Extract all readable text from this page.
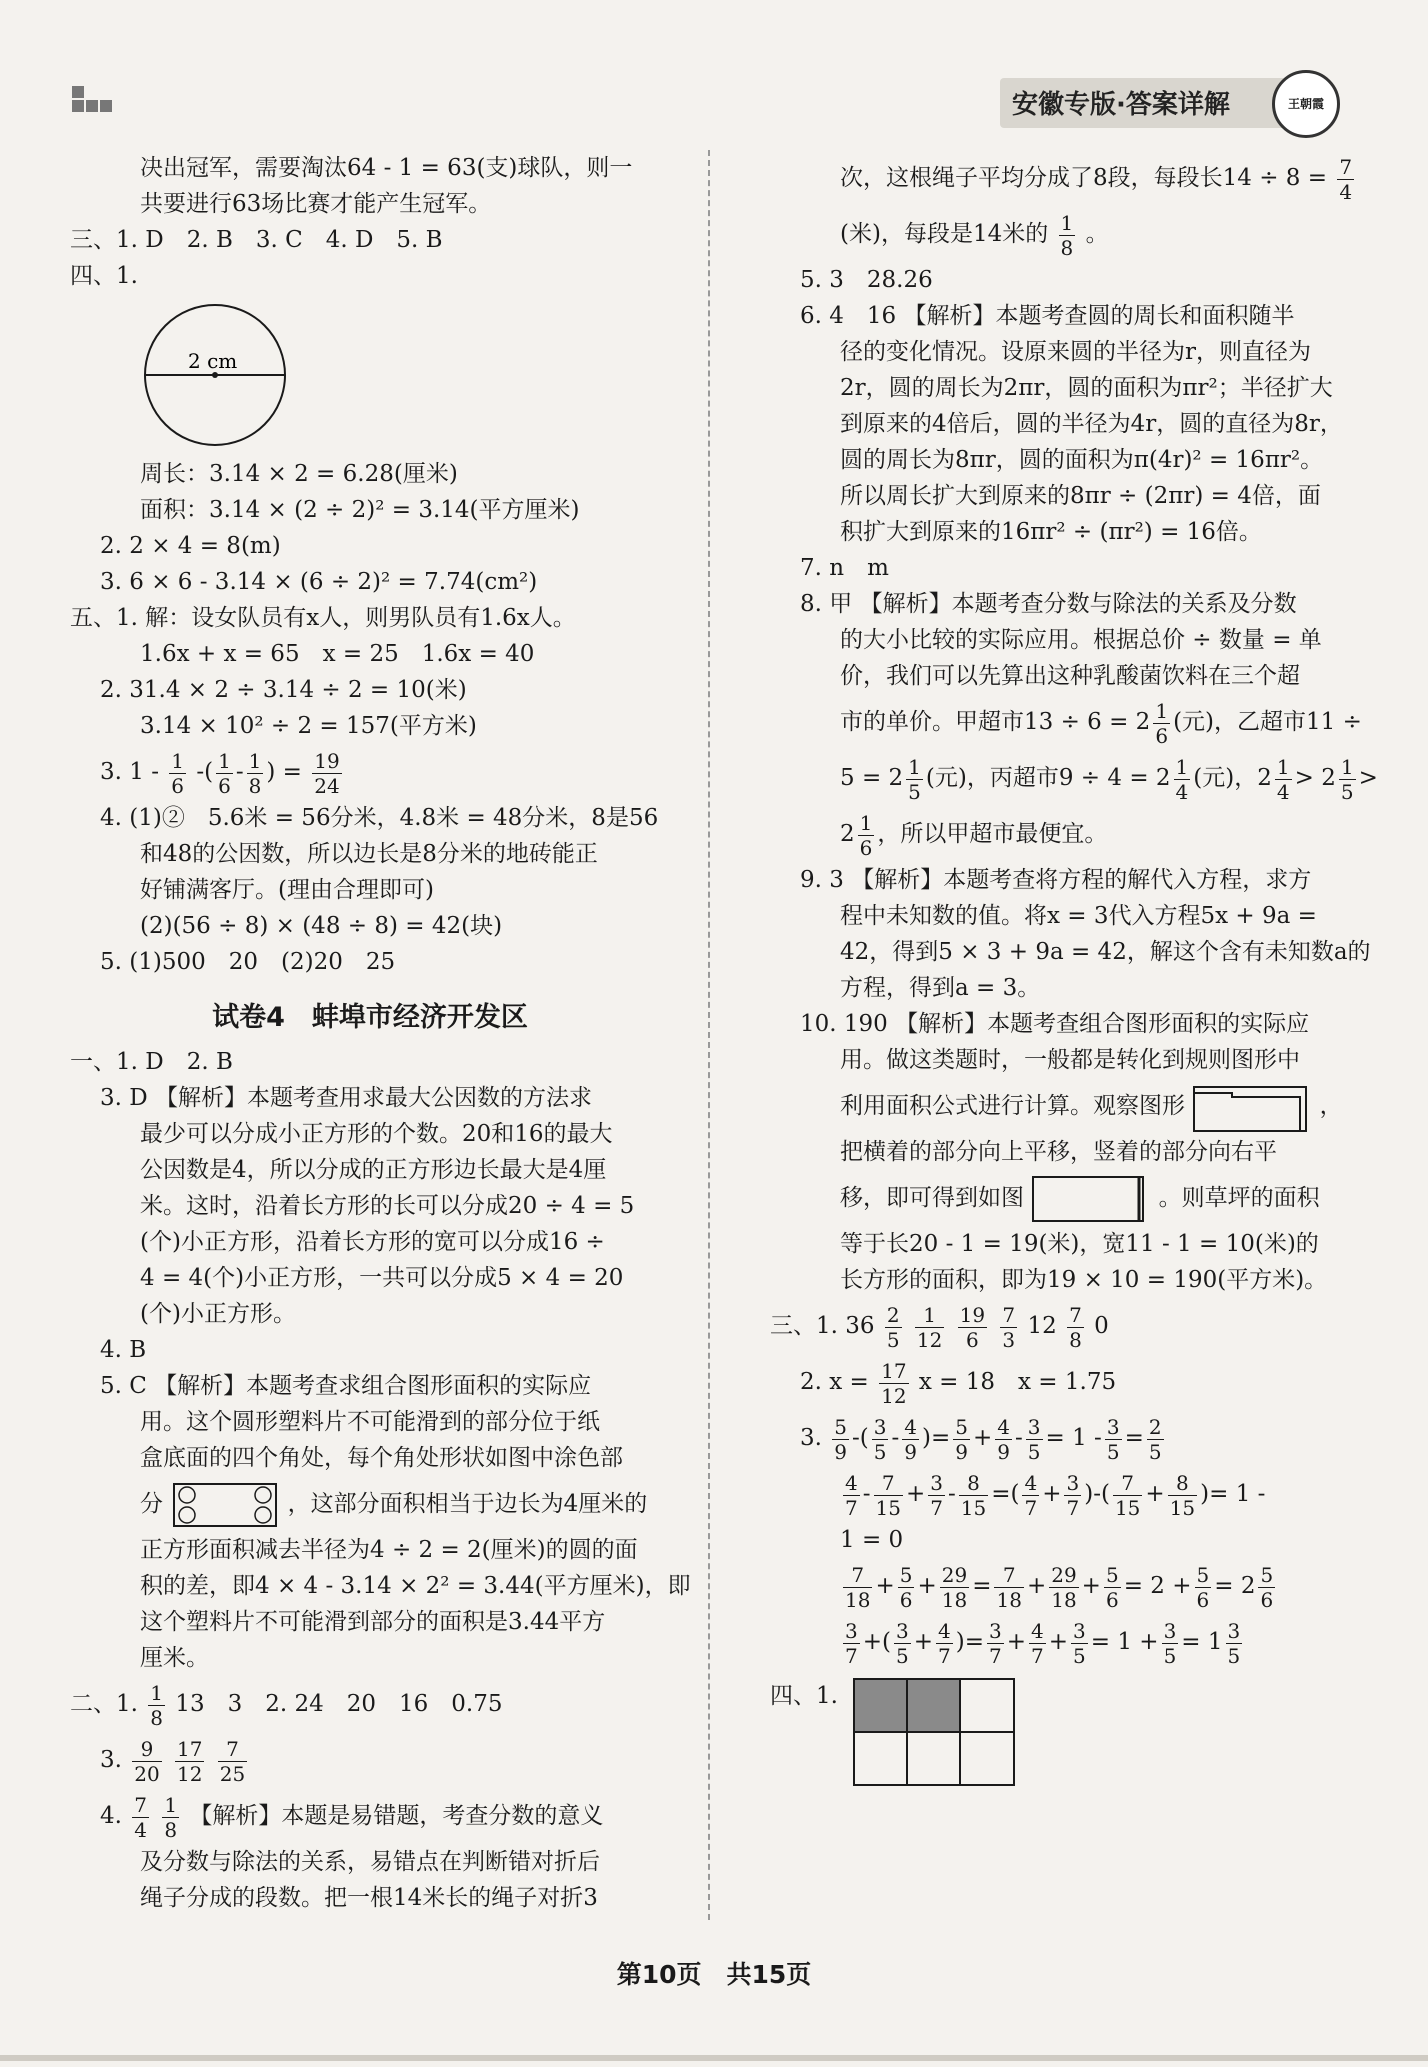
安徽专版·答案详解	王朝霞
决出冠军，需要淘汰64 - 1 = 63(支)球队，则一
共要进行63场比赛才能产生冠军。
三、1. D　2. B　3. C　4. D　5. B
四、1.
2 cm
周长：3.14 × 2 = 6.28(厘米)
面积：3.14 × (2 ÷ 2)² = 3.14(平方厘米)
2. 2 × 4 = 8(m)
3. 6 × 6 - 3.14 × (6 ÷ 2)² = 7.74(cm²)
五、1. 解：设女队员有x人，则男队员有1.6x人。
1.6x + x = 65　x = 25　1.6x = 40
2. 31.4 × 2 ÷ 3.14 ÷ 2 = 10(米)
3.14 × 10² ÷ 2 = 157(平方米)
3. $1 - \frac{1}{6}$ -( $\frac{1}{6} - \frac{1}{8}$ ) = $\frac{19}{24}$
4. (1)②　5.6米 = 56分米，4.8米 = 48分米，8是56
和48的公因数，所以边长是8分米的地砖能正
好铺满客厅。(理由合理即可)
(2)(56 ÷ 8) × (48 ÷ 8) = 42(块)
5. (1)500　20　(2)20　25
试卷4　蚌埠市经济开发区
一、1. D　2. B
3. D 【解析】本题考查用求最大公因数的方法求
最少可以分成小正方形的个数。20和16的最大
公因数是4，所以分成的正方形边长最大是4厘
米。这时，沿着长方形的长可以分成20 ÷ 4 = 5
(个)小正方形，沿着长方形的宽可以分成16 ÷
4 = 4(个)小正方形，一共可以分成5 × 4 = 20
(个)小正方形。
4. B
5. C 【解析】本题考查求组合图形面积的实际应
用。这个圆形塑料片不可能滑到的部分位于纸
盒底面的四个角处，每个角处形状如图中涂色部
分	，这部分面积相当于边长为4厘米的
正方形面积减去半径为4 ÷ 2 = 2(厘米)的圆的面
积的差，即4 × 4 - 3.14 × 2² = 3.44(平方厘米)，即
这个塑料片不可能滑到部分的面积是3.44平方
厘米。
二、1. $\frac{1}{8} 13$　3　2. 24　20　16　0.75
3. $\frac{9}{20}$
$\frac{17}{12}$
$\frac{7}{25}$
4. $\frac{7}{4}$
$\frac{1}{8}$ 【解析】本题是易错题，考查分数的意义
及分数与除法的关系，易错点在判断错对折后
绳子分成的段数。把一根14米长的绳子对折3
次，这根绳子平均分成了8段，每段长$14 \div 8 = \frac{7}{4}$
(米)，每段是14米的 $\frac{1}{8}$ 。
5. 3　28.26
6. 4　16 【解析】本题考查圆的周长和面积随半
径的变化情况。设原来圆的半径为r，则直径为
2r，圆的周长为2πr，圆的面积为πr²；半径扩大
到原来的4倍后，圆的半径为4r，圆的直径为8r，
圆的周长为8πr，圆的面积为π(4r)² = 16πr²。
所以周长扩大到原来的8πr ÷ (2πr) = 4倍，面
积扩大到原来的16πr² ÷ (πr²) = 16倍。
7. n　m
8. 甲 【解析】本题考查分数与除法的关系及分数
的大小比较的实际应用。根据总价 ÷ 数量 = 单
价，我们可以先算出这种乳酸菌饮料在三个超
市的单价。甲超市$13 \div 6 = 2 \frac{1}{6}$ (元)，乙超市11 ÷
$5 = 2 \frac{1}{5}$ (元)，丙超市$9 \div 4 = 2 \frac{1}{4}$ (元)，$2 \frac{1}{4} > 2 \frac{1}{5}$ >
$2 \frac{1}{6}$ ，所以甲超市最便宜。
9. 3 【解析】本题考查将方程的解代入方程，求方
程中未知数的值。将x = 3代入方程5x + 9a =
42，得到5 × 3 + 9a = 42，解这个含有未知数a的
方程，得到a = 3。
10. 190 【解析】本题考查组合图形面积的实际应
用。做这类题时，一般都是转化到规则图形中
利用面积公式进行计算。观察图形	，
把横着的部分向上平移，竖着的部分向右平
移，即可得到如图	。则草坪的面积
等于长20 - 1 = 19(米)，宽11 - 1 = 10(米)的
长方形的面积，即为19 × 10 = 190(平方米)。
三、1. $36 \frac{2}{5}$
$\frac{1}{12}$
$\frac{19}{6}$
$\frac{7}{3} 12 \frac{7}{8} 0$
2. $x = \frac{17}{12}$ x = 18　x = 1.75
3. $\frac{5}{9}$ -( $\frac{3}{5} - \frac{4}{9}$ )= $\frac{5}{9} + \frac{4}{9} - \frac{3}{5} = 1 - \frac{3}{5} = \frac{2}{5}$
$\frac{4}{7} - \frac{7}{15} + \frac{3}{7} - \frac{8}{15}$ =( $\frac{4}{7} + \frac{3}{7}$ )-( $\frac{7}{15} + \frac{8}{15}$ )= 1 -
1 = 0
$\frac{7}{18} + \frac{5}{6} + \frac{29}{18} = \frac{7}{18} + \frac{29}{18} + \frac{5}{6} = 2 + \frac{5}{6} = 2 \frac{5}{6}$
$\frac{3}{7}$ +( $\frac{3}{5} + \frac{4}{7}$ )= $\frac{3}{7} + \frac{4}{7} + \frac{3}{5} = 1 + \frac{3}{5} = 1 \frac{3}{5}$
四、1.
第10页　共15页
